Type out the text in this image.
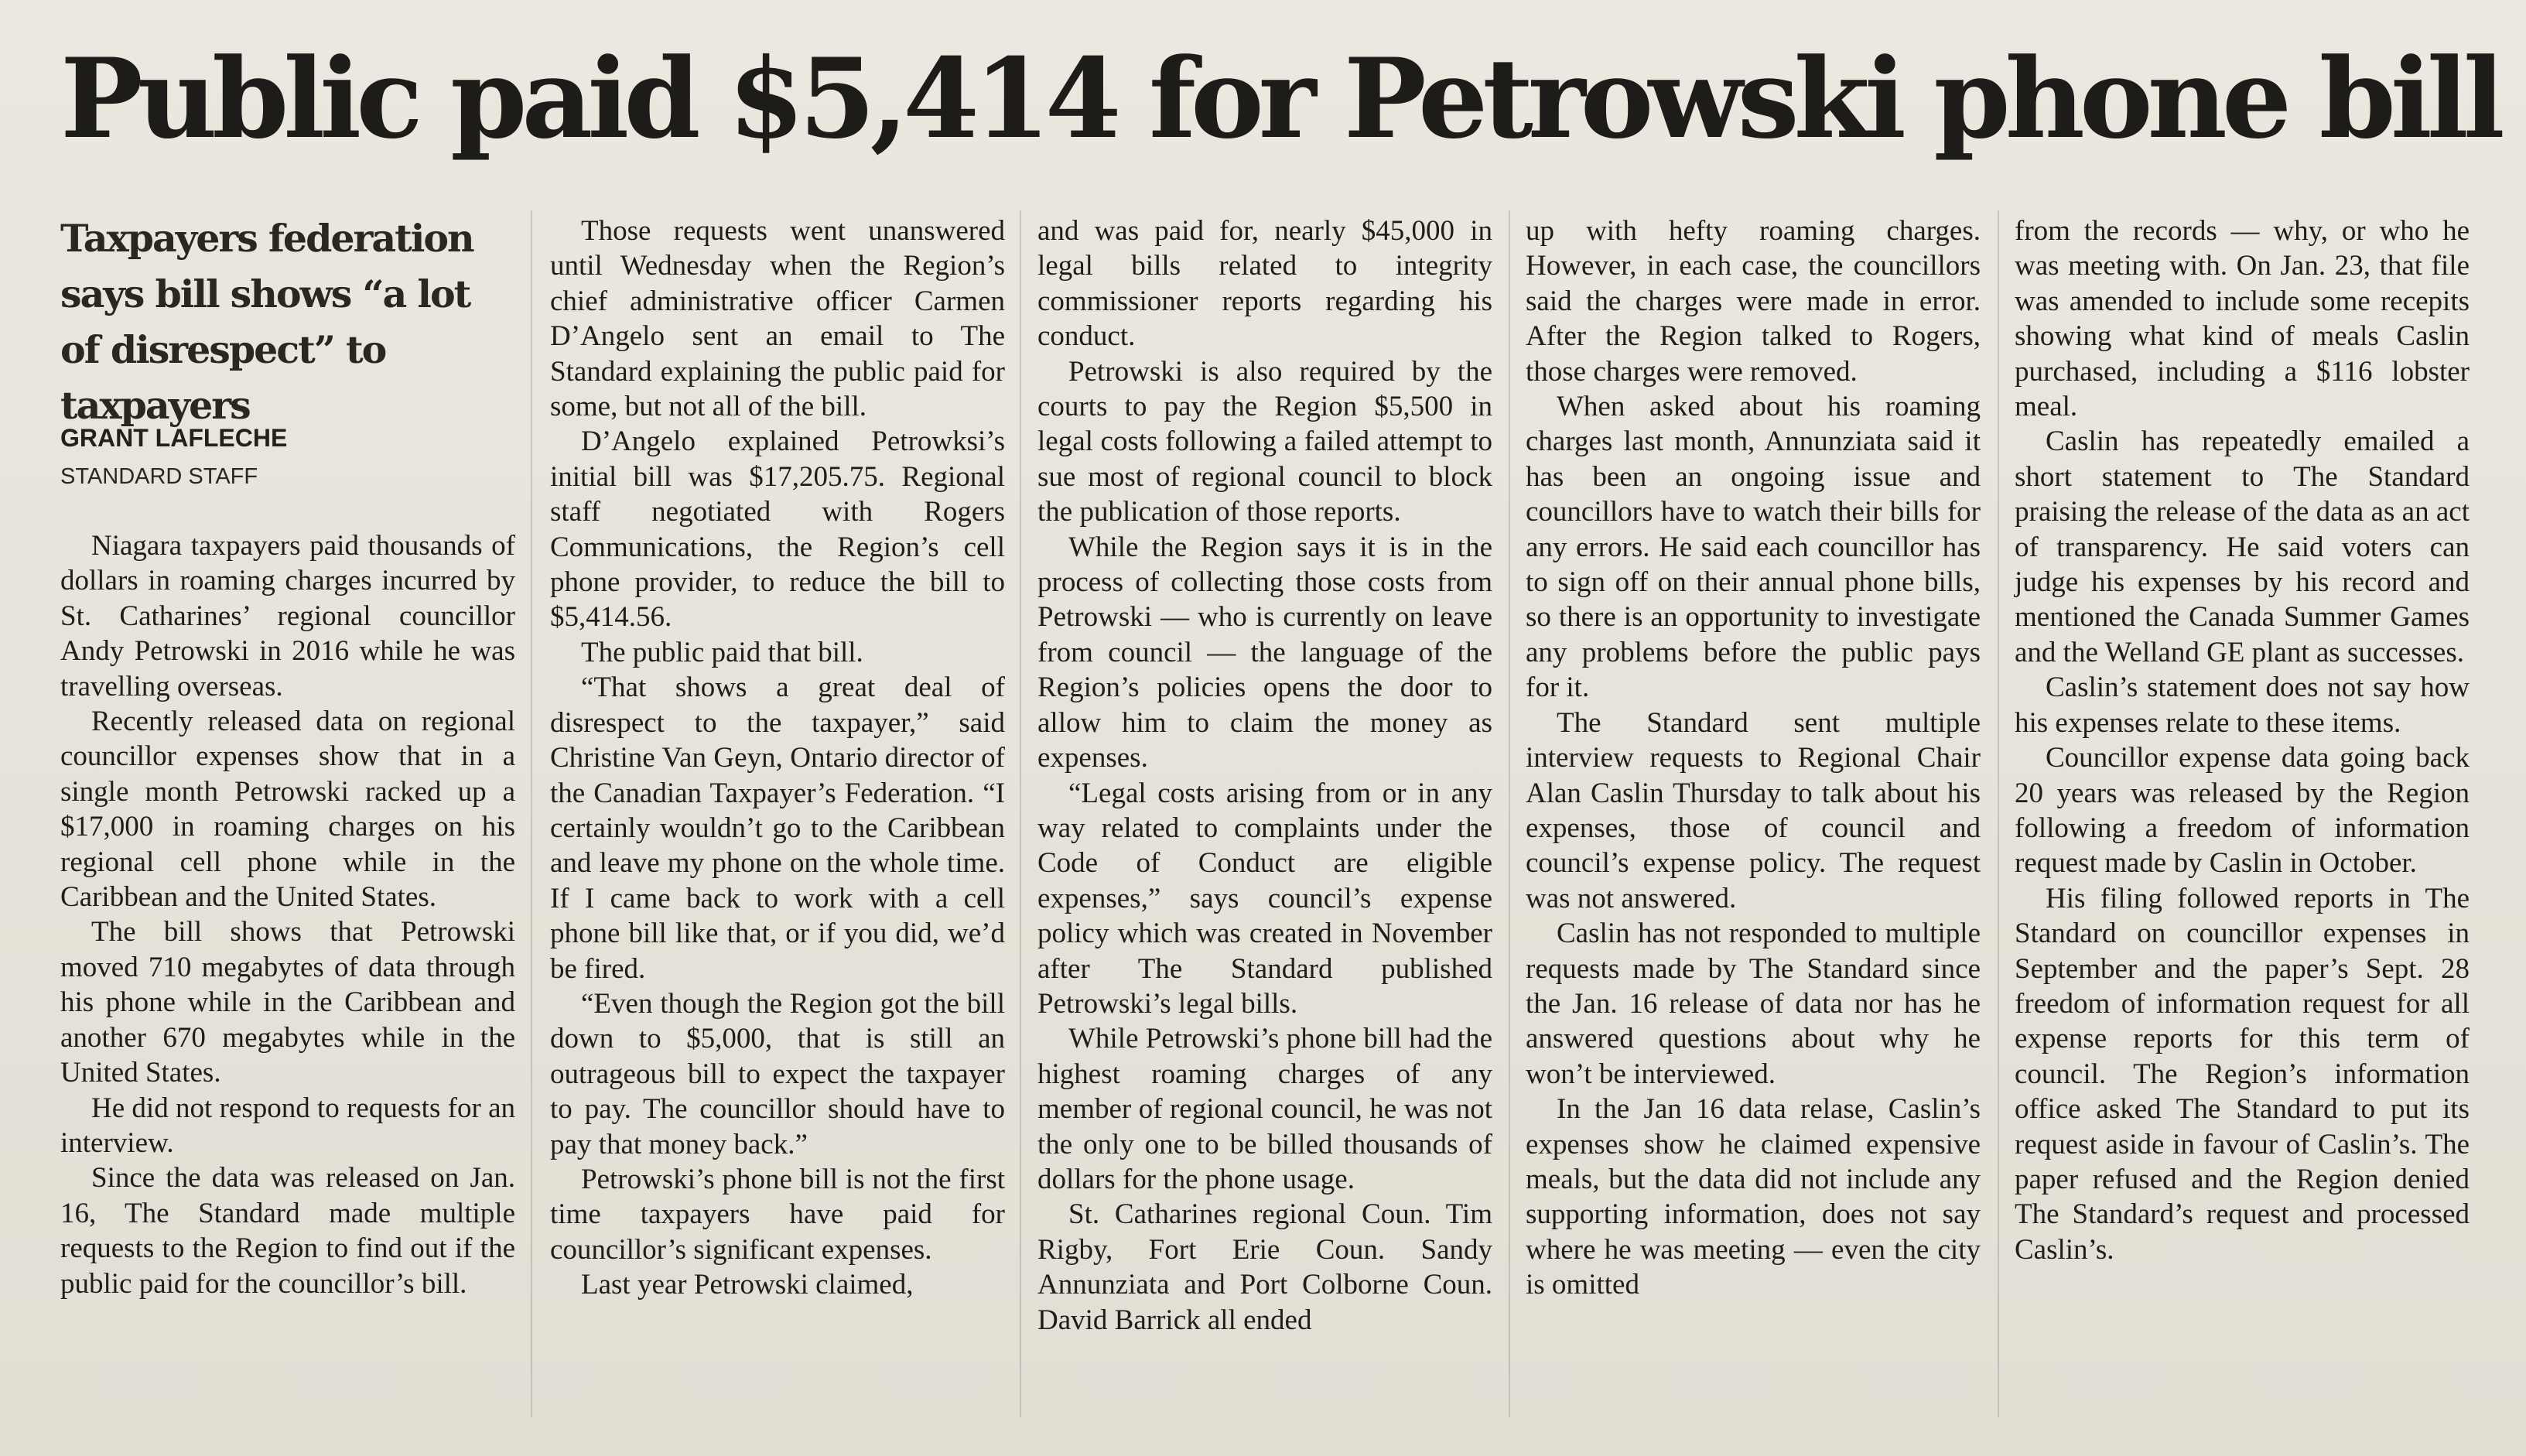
Public paid $5,414 for Petrowski phone bill
Taxpayers federation says bill shows “a lot of disrespect” to taxpayers
GRANT LAFLECHE
STANDARD STAFF

Niagara taxpayers paid thousands of dollars in roaming charges incurred by St. Catharines’ regional councillor Andy Petrowski in 2016 while he was travelling overseas.

Recently released data on regional councillor expenses show that in a single month Petrowski racked up a $17,000 in roaming charges on his regional cell phone while in the Caribbean and the United States.

The bill shows that Petrowski moved 710 megabytes of data through his phone while in the Caribbean and another 670 megabytes while in the United States.

He did not respond to requests for an interview.

Since the data was released on Jan. 16, The Standard made multiple requests to the Region to find out if the public paid for the councillor’s bill.

Those requests went unanswered until Wednesday when the Region’s chief administrative officer Carmen D’Angelo sent an email to The Standard explaining the public paid for some, but not all of the bill.

D’Angelo explained Petrowksi’s initial bill was $17,205.75. Regional staff negotiated with Rogers Communications, the Region’s cell phone provider, to reduce the bill to $5,414.56.

The public paid that bill.

“That shows a great deal of disrespect to the taxpayer,” said Christine Van Geyn, Ontario director of the Canadian Taxpayer’s Federation. “I certainly wouldn’t go to the Caribbean and leave my phone on the whole time. If I came back to work with a cell phone bill like that, or if you did, we’d be fired.

“Even though the Region got the bill down to $5,000, that is still an outrageous bill to expect the taxpayer to pay. The councillor should have to pay that money back.”

Petrowski’s phone bill is not the first time taxpayers have paid for councillor’s significant expenses.

Last year Petrowski claimed,

and was paid for, nearly $45,000 in legal bills related to integrity commissioner reports regarding his conduct.

Petrowski is also required by the courts to pay the Region $5,500 in legal costs following a failed attempt to sue most of regional council to block the publication of those reports.

While the Region says it is in the process of collecting those costs from Petrowski — who is currently on leave from council — the language of the Region’s policies opens the door to allow him to claim the money as expenses.

“Legal costs arising from or in any way related to complaints under the Code of Conduct are eligible expenses,” says council’s expense policy which was created in November after The Standard published Petrowski’s legal bills.

While Petrowski’s phone bill had the highest roaming charges of any member of regional council, he was not the only one to be billed thousands of dollars for the phone usage.

St. Catharines regional Coun. Tim Rigby, Fort Erie Coun. Sandy Annunziata and Port Colborne Coun. David Barrick all ended

up with hefty roaming charges. However, in each case, the councillors said the charges were made in error. After the Region talked to Rogers, those charges were removed.

When asked about his roaming charges last month, Annunziata said it has been an ongoing issue and councillors have to watch their bills for any errors. He said each councillor has to sign off on their annual phone bills, so there is an opportunity to investigate any problems before the public pays for it.

The Standard sent multiple interview requests to Regional Chair Alan Caslin Thursday to talk about his expenses, those of council and council’s expense policy. The request was not answered.

Caslin has not responded to multiple requests made by The Standard since the Jan. 16 release of data nor has he answered questions about why he won’t be interviewed.

In the Jan 16 data relase, Caslin’s expenses show he claimed expensive meals, but the data did not include any supporting information, does not say where he was meeting — even the city is omitted

from the records — why, or who he was meeting with. On Jan. 23, that file was amended to include some recepits showing what kind of meals Caslin purchased, including a $116 lobster meal.

Caslin has repeatedly emailed a short statement to The Standard praising the release of the data as an act of transparency. He said voters can judge his expenses by his record and mentioned the Canada Summer Games and the Welland GE plant as successes.

Caslin’s statement does not say how his expenses relate to these items.

Councillor expense data going back 20 years was released by the Region following a freedom of information request made by Caslin in October.

His filing followed reports in The Standard on councillor expenses in September and the paper’s Sept. 28 freedom of information request for all expense reports for this term of council. The Region’s information office asked The Standard to put its request aside in favour of Caslin’s. The paper refused and the Region denied The Standard’s request and processed Caslin’s.
